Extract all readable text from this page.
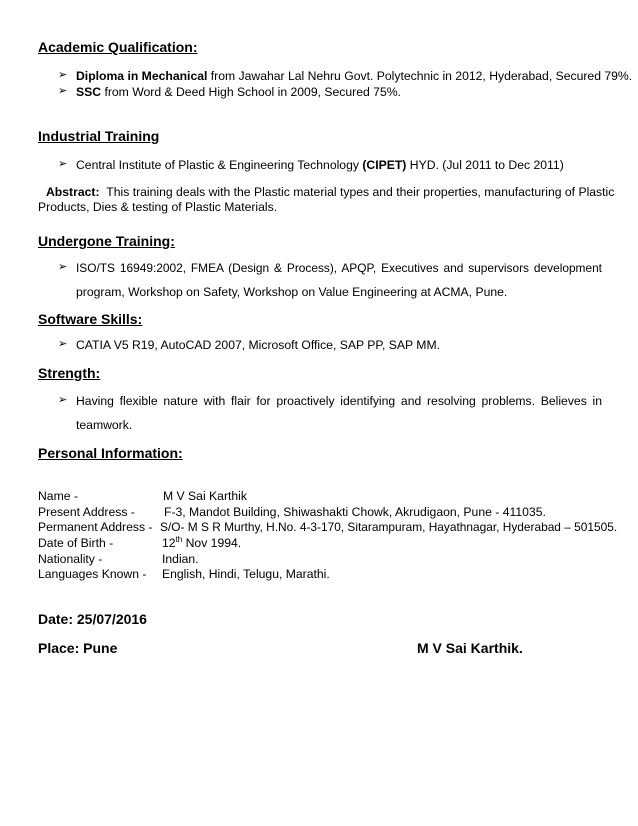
Academic Qualification:
➢ Diploma in Mechanical from Jawahar Lal Nehru Govt. Polytechnic in 2012, Hyderabad, Secured 79%.
➢ SSC from Word & Deed High School in 2009, Secured 75%.
Industrial Training
➢ Central Institute of Plastic & Engineering Technology (CIPET) HYD. (Jul 2011 to Dec 2011)
Abstract: This training deals with the Plastic material types and their properties, manufacturing of Plastic
Products, Dies & testing of Plastic Materials.
Undergone Training:
➢ ISO/TS 16949:2002, FMEA (Design & Process), APQP, Executives and supervisors development
program, Workshop on Safety, Workshop on Value Engineering at ACMA, Pune.
Software Skills:
➢ CATIA V5 R19, AutoCAD 2007, Microsoft Office, SAP PP, SAP MM.
Strength:
➢ Having flexible nature with flair for proactively identifying and resolving problems. Believes in
teamwork.
Personal Information:
Name -	M V Sai Karthik
Present Address - F-3, Mandot Building, Shiwashakti Chowk, Akrudigaon, Pune - 411035.
Permanent Address - S/O- M S R Murthy, H.No. 4-3-170, Sitarampuram, Hayathnagar, Hyderabad – 501505.
Date of Birth -	12th Nov 1994.
Nationality -	Indian.
Languages Known - English, Hindi, Telugu, Marathi.
Date: 25/07/2016
Place: Pune	M V Sai Karthik.
